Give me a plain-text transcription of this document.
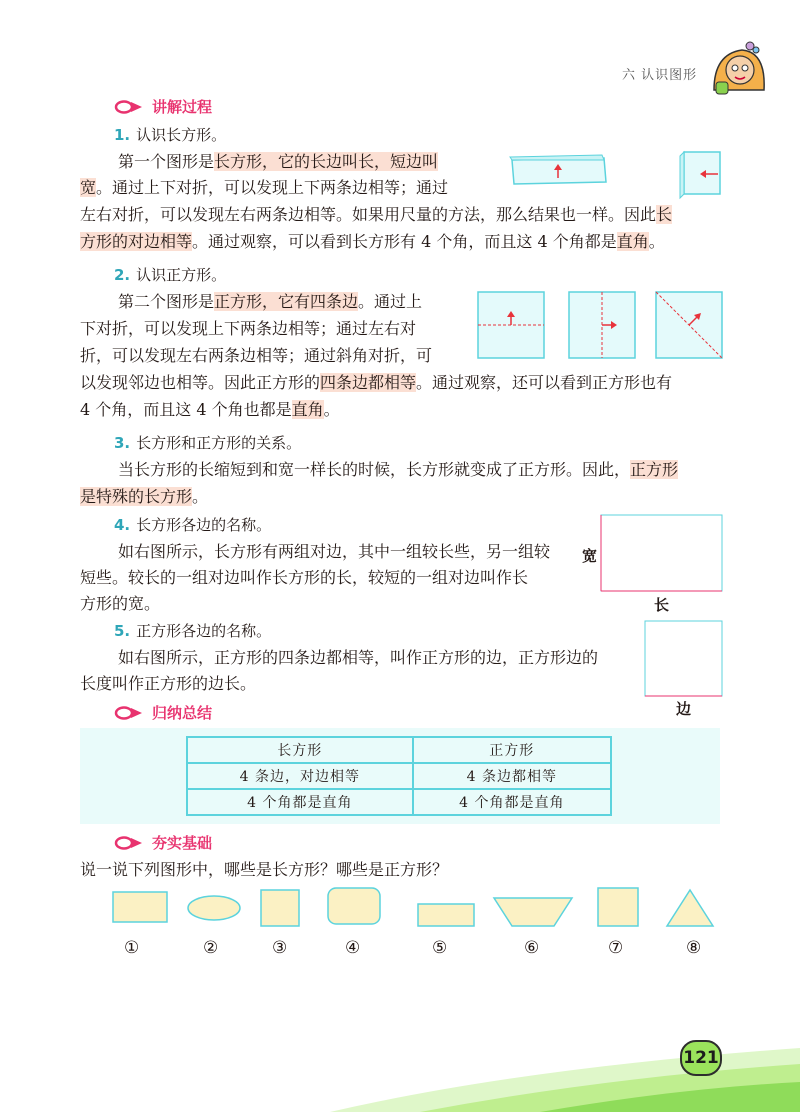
六 认识图形
讲解过程
1. 认识长方形。
第一个图形是长方形，它的长边叫长，短边叫
宽。通过上下对折，可以发现上下两条边相等；通过
左右对折，可以发现左右两条边相等。如果用尺量的方法，那么结果也一样。因此长
方形的对边相等。通过观察，可以看到长方形有 4 个角，而且这 4 个角都是直角。
2. 认识正方形。
第二个图形是正方形，它有四条边。通过上
下对折，可以发现上下两条边相等；通过左右对
折，可以发现左右两条边相等；通过斜角对折，可
以发现邻边也相等。因此正方形的四条边都相等。通过观察，还可以看到正方形也有
4 个角，而且这 4 个角也都是直角。
3. 长方形和正方形的关系。
当长方形的长缩短到和宽一样长的时候，长方形就变成了正方形。因此，正方形
是特殊的长方形。
4. 长方形各边的名称。
如右图所示，长方形有两组对边，其中一组较长些，另一组较
短些。较长的一组对边叫作长方形的长，较短的一组对边叫作长
方形的宽。
宽
长
5. 正方形各边的名称。
如右图所示，正方形的四条边都相等，叫作正方形的边，正方形边的
长度叫作正方形的边长。
边
归纳总结
长方形	正方形
4 条边，对边相等	4 条边都相等
4 个角都是直角	4 个角都是直角
夯实基础
说一说下列图形中，哪些是长方形？哪些是正方形？
①	②	③	④	⑤	⑥	⑦	⑧
121
